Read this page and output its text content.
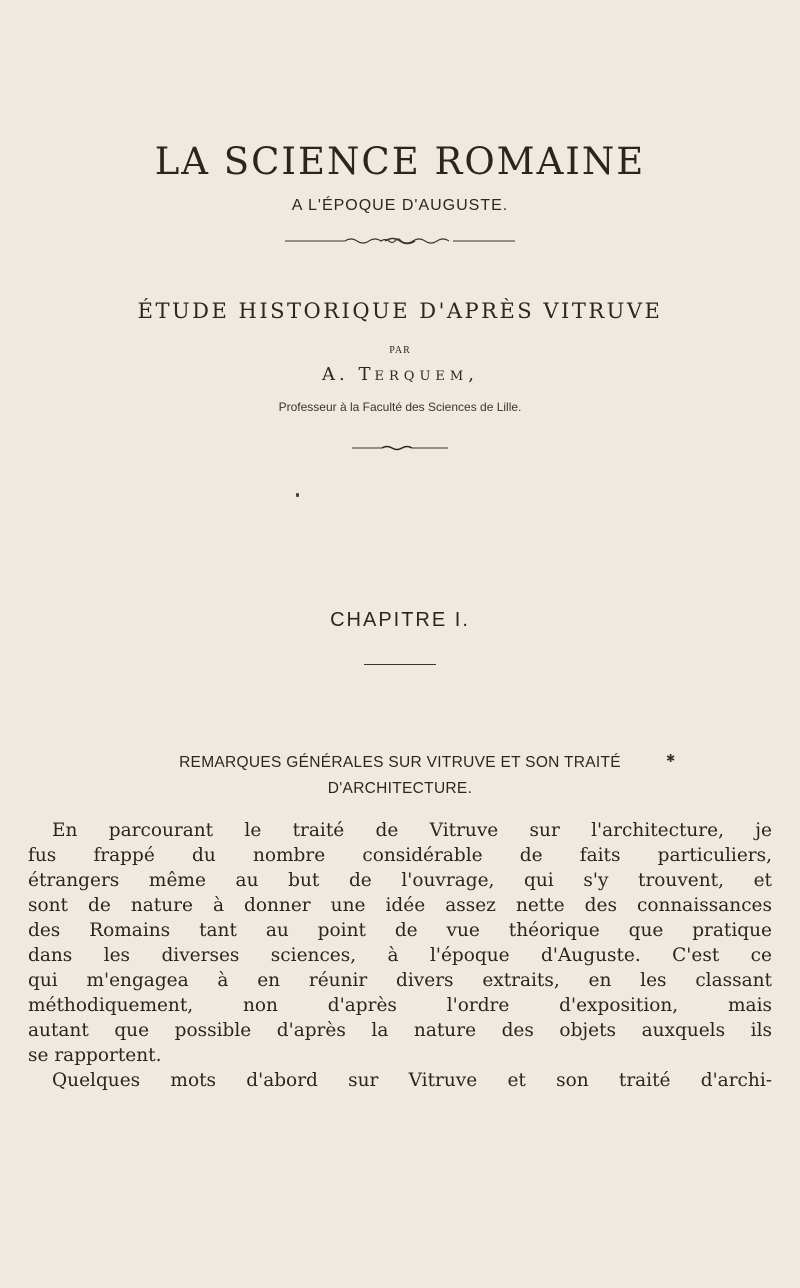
LA SCIENCE ROMAINE
A L'ÉPOQUE D'AUGUSTE.
ÉTUDE HISTORIQUE D'APRÈS VITRUVE
PAR
A. TERQUEM,
Professeur à la Faculté des Sciences de Lille.
CHAPITRE I.
REMARQUES GÉNÉRALES SUR VITRUVE ET SON TRAITÉ	✱
D'ARCHITECTURE.
En parcourant le traité de Vitruve sur l'architecture, je
fus frappé du nombre considérable de faits particuliers,
étrangers même au but de l'ouvrage, qui s'y trouvent, et
sont de nature à donner une idée assez nette des connaissances
des Romains tant au point de vue théorique que pratique
dans les diverses sciences, à l'époque d'Auguste. C'est ce
qui m'engagea à en réunir divers extraits, en les classant
méthodiquement, non d'après l'ordre d'exposition, mais
autant que possible d'après la nature des objets auxquels ils
se rapportent.
Quelques mots d'abord sur Vitruve et son traité d'archi-
